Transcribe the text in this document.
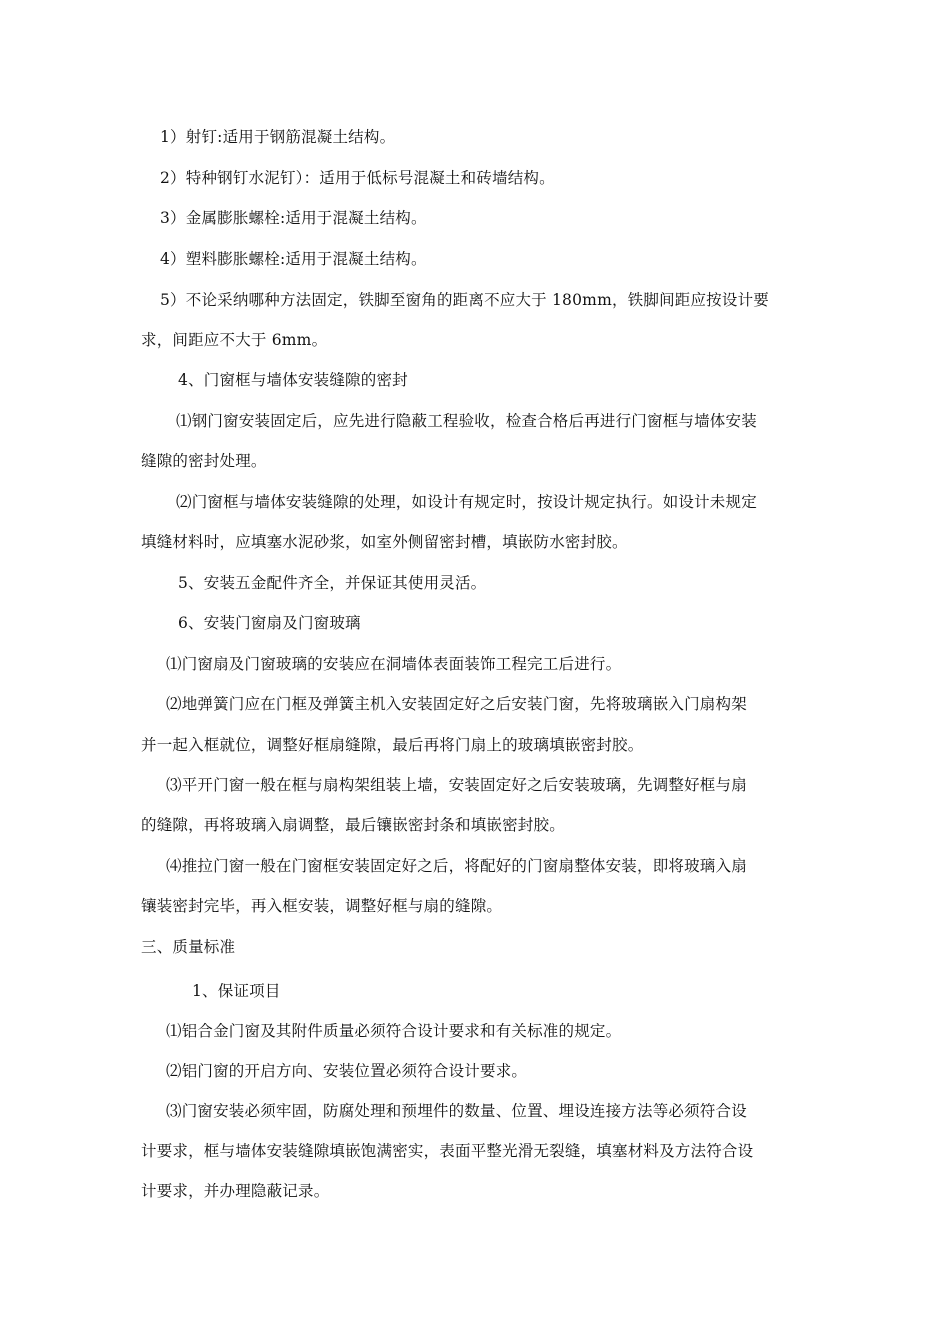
1）射钉:适用于钢筋混凝土结构。
2）特种钢钉水泥钉）：适用于低标号混凝土和砖墙结构。
3）金属膨胀螺栓:适用于混凝土结构。
4）塑料膨胀螺栓:适用于混凝土结构。
5）不论采纳哪种方法固定，铁脚至窗角的距离不应大于 180mm，铁脚间距应按设计要
求，间距应不大于 6mm。
4、门窗框与墙体安装缝隙的密封
⑴钢门窗安装固定后，应先进行隐蔽工程验收，检查合格后再进行门窗框与墙体安装
缝隙的密封处理。
⑵门窗框与墙体安装缝隙的处理，如设计有规定时，按设计规定执行。如设计未规定
填缝材料时，应填塞水泥砂浆，如室外侧留密封槽，填嵌防水密封胶。
5、安装五金配件齐全，并保证其使用灵活。
6、安装门窗扇及门窗玻璃
⑴门窗扇及门窗玻璃的安装应在洞墙体表面装饰工程完工后进行。
⑵地弹簧门应在门框及弹簧主机入安装固定好之后安装门窗，先将玻璃嵌入门扇构架
并一起入框就位，调整好框扇缝隙，最后再将门扇上的玻璃填嵌密封胶。
⑶平开门窗一般在框与扇构架组装上墙，安装固定好之后安装玻璃，先调整好框与扇
的缝隙，再将玻璃入扇调整，最后镶嵌密封条和填嵌密封胶。
⑷推拉门窗一般在门窗框安装固定好之后，将配好的门窗扇整体安装，即将玻璃入扇
镶装密封完毕，再入框安装，调整好框与扇的缝隙。
三、质量标准
1、保证项目
⑴铝合金门窗及其附件质量必须符合设计要求和有关标准的规定。
⑵铝门窗的开启方向、安装位置必须符合设计要求。
⑶门窗安装必须牢固，防腐处理和预埋件的数量、位置、埋设连接方法等必须符合设
计要求，框与墙体安装缝隙填嵌饱满密实，表面平整光滑无裂缝，填塞材料及方法符合设
计要求，并办理隐蔽记录。
